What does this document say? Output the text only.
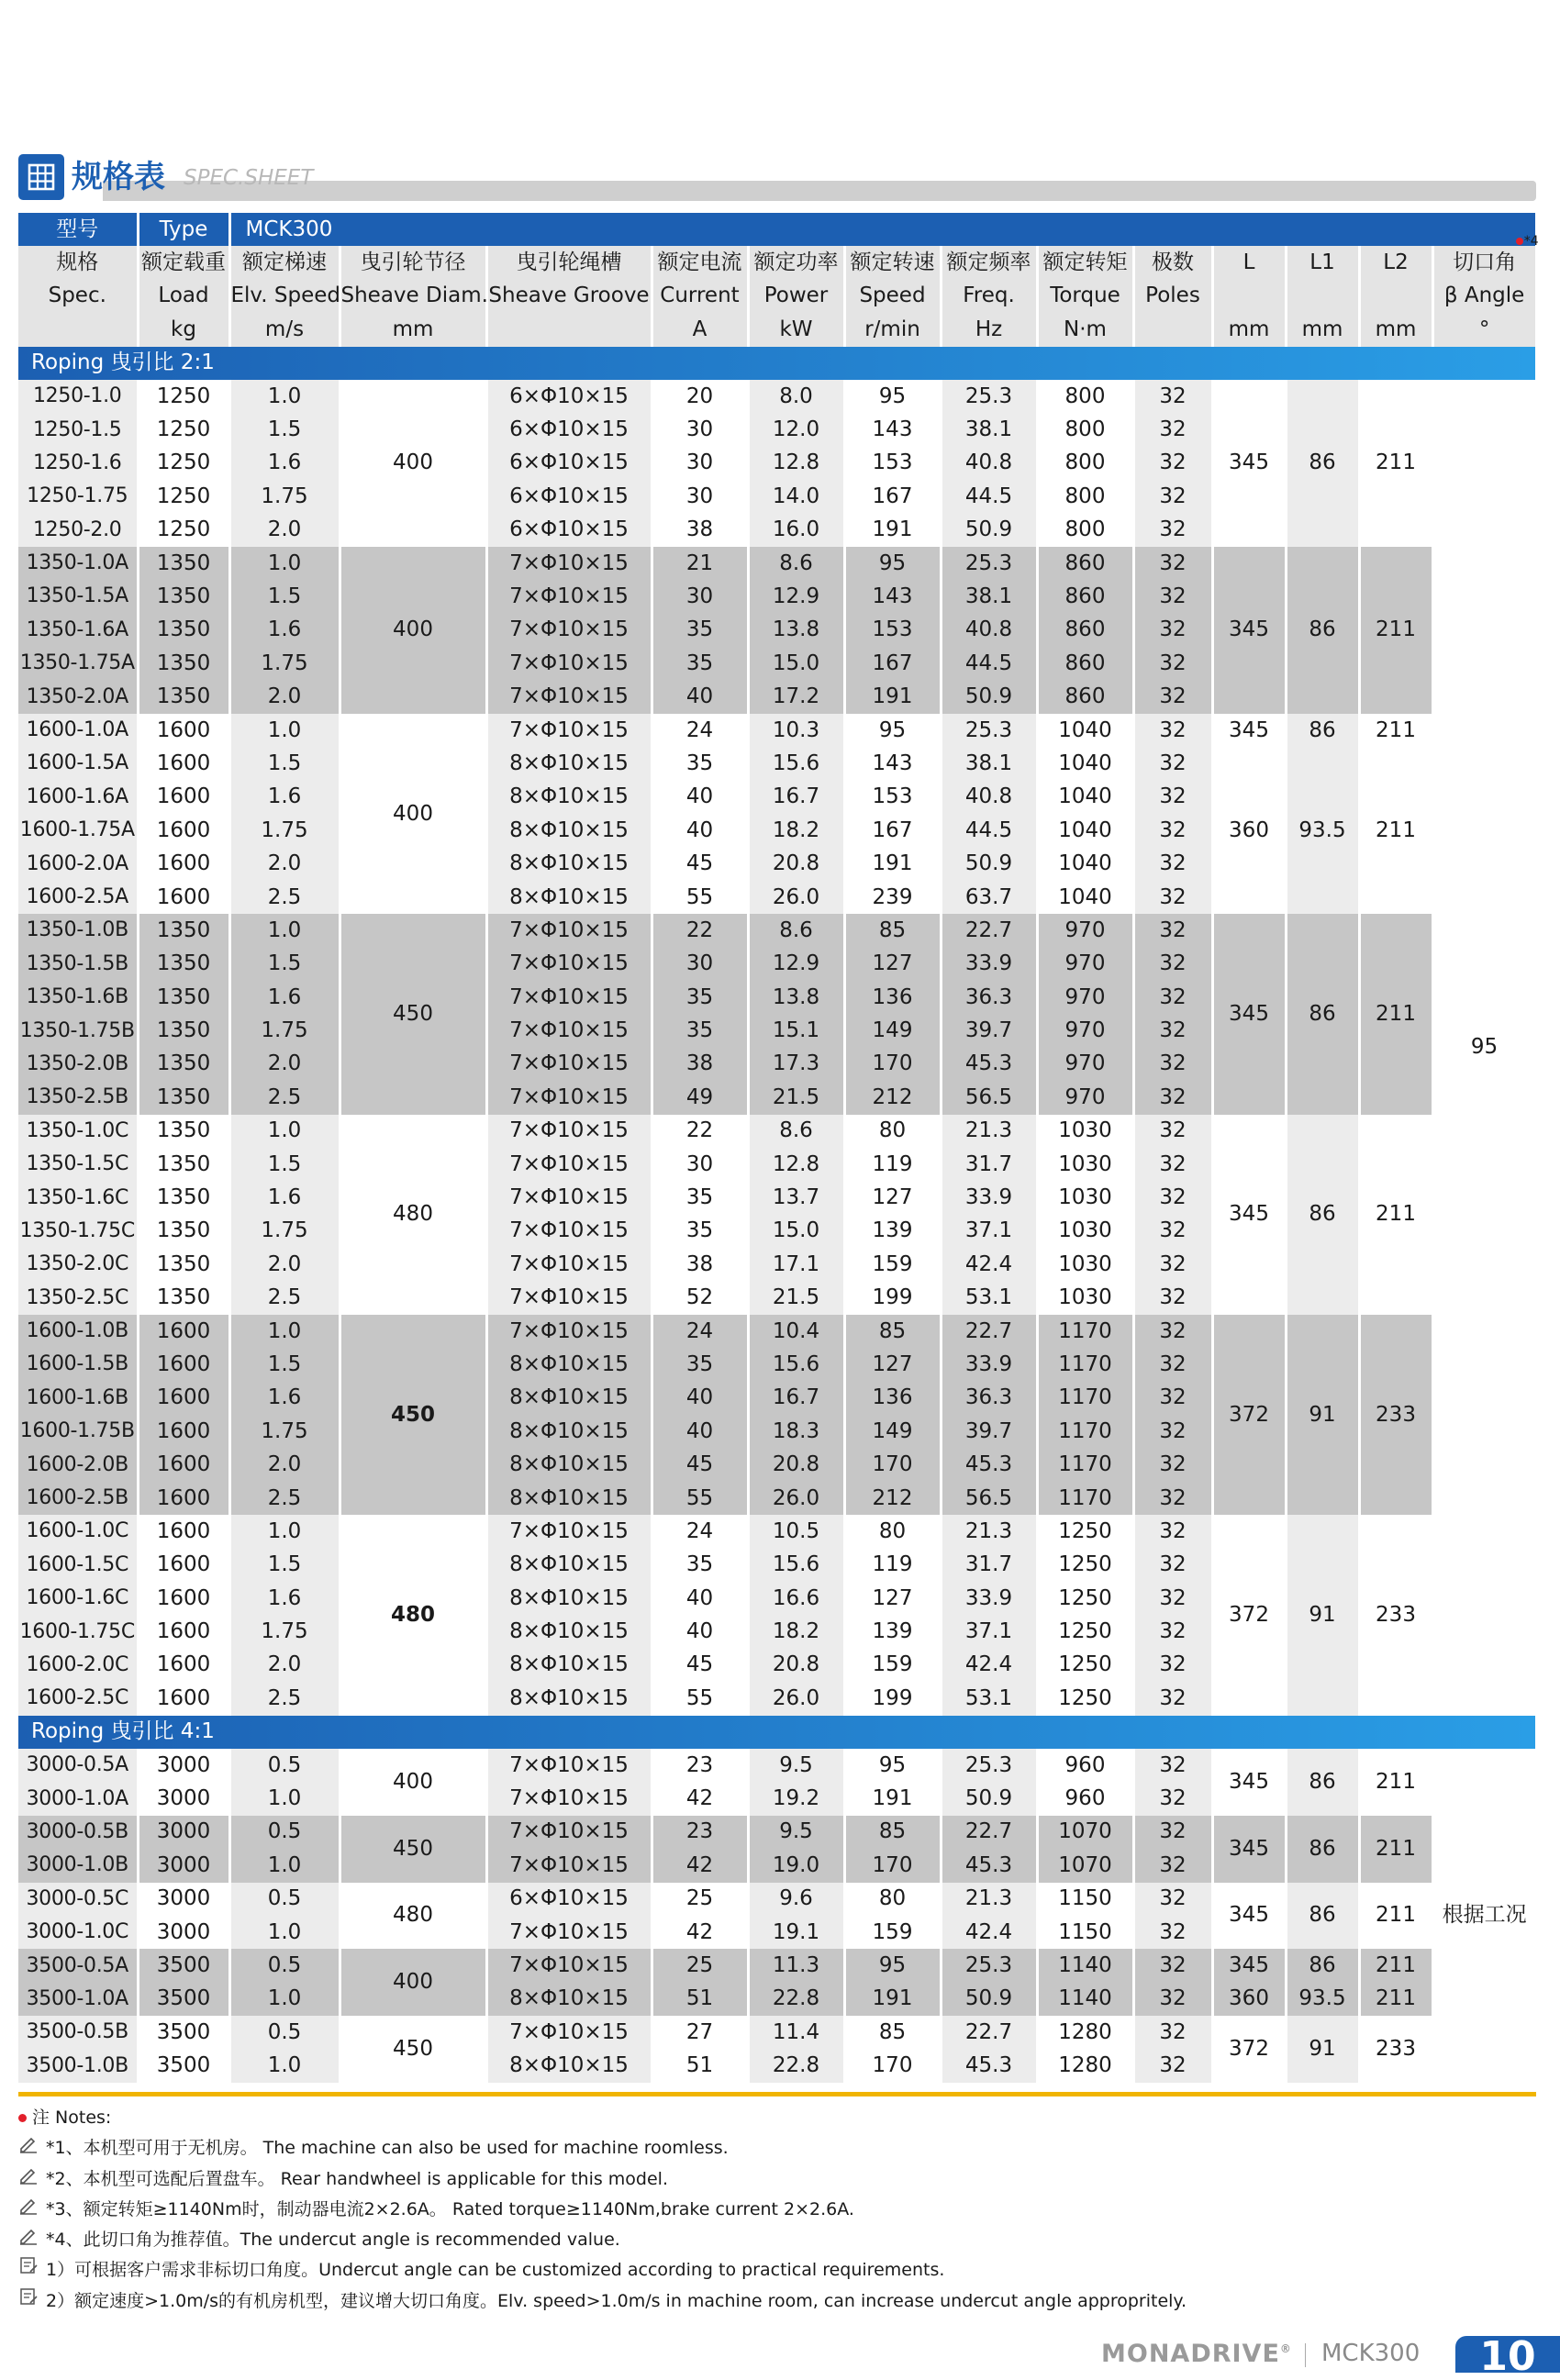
规格表 SPEC.SHEET
型号	Type	MCK300												
规格	额定载重	额定梯速	曳引轮节径	曳引轮绳槽	额定电流	额定功率	额定转速	额定频率	额定转矩	极数	L	L1	L2	切口角
*4

Spec.	Load	Elv. Speed	Sheave Diam.	Sheave Groove	Current	Power	Speed	Freq.	Torque	Poles				β Angle
	kg	m/s	mm		A	kW	r/min	Hz	N·m		mm	mm	mm	°
Roping 曳引比 2:1														
1250-1.0	1250	1.0	400	6×Φ10×15	20	8.0	95	25.3	800	32	345	86	211	95
1250-1.5	1250	1.5		6×Φ10×15	30	12.0	143	38.1	800	32				
1250-1.6	1250	1.6		6×Φ10×15	30	12.8	153	40.8	800	32				
1250-1.75	1250	1.75		6×Φ10×15	30	14.0	167	44.5	800	32				
1250-2.0	1250	2.0		6×Φ10×15	38	16.0	191	50.9	800	32				
1350-1.0A	1350	1.0	400	7×Φ10×15	21	8.6	95	25.3	860	32	345	86	211	
1350-1.5A	1350	1.5		7×Φ10×15	30	12.9	143	38.1	860	32				
1350-1.6A	1350	1.6		7×Φ10×15	35	13.8	153	40.8	860	32				
1350-1.75A	1350	1.75		7×Φ10×15	35	15.0	167	44.5	860	32				
1350-2.0A	1350	2.0		7×Φ10×15	40	17.2	191	50.9	860	32				
1600-1.0A	1600	1.0	400	7×Φ10×15	24	10.3	95	25.3	1040	32	345	86	211	
1600-1.5A	1600	1.5		8×Φ10×15	35	15.6	143	38.1	1040	32	360	93.5	211	
1600-1.6A	1600	1.6		8×Φ10×15	40	16.7	153	40.8	1040	32				
1600-1.75A	1600	1.75		8×Φ10×15	40	18.2	167	44.5	1040	32				
1600-2.0A	1600	2.0		8×Φ10×15	45	20.8	191	50.9	1040	32				
1600-2.5A	1600	2.5		8×Φ10×15	55	26.0	239	63.7	1040	32				
1350-1.0B	1350	1.0	450	7×Φ10×15	22	8.6	85	22.7	970	32	345	86	211	
1350-1.5B	1350	1.5		7×Φ10×15	30	12.9	127	33.9	970	32				
1350-1.6B	1350	1.6		7×Φ10×15	35	13.8	136	36.3	970	32				
1350-1.75B	1350	1.75		7×Φ10×15	35	15.1	149	39.7	970	32				
1350-2.0B	1350	2.0		7×Φ10×15	38	17.3	170	45.3	970	32				
1350-2.5B	1350	2.5		7×Φ10×15	49	21.5	212	56.5	970	32				
1350-1.0C	1350	1.0	480	7×Φ10×15	22	8.6	80	21.3	1030	32	345	86	211	
1350-1.5C	1350	1.5		7×Φ10×15	30	12.8	119	31.7	1030	32				
1350-1.6C	1350	1.6		7×Φ10×15	35	13.7	127	33.9	1030	32				
1350-1.75C	1350	1.75		7×Φ10×15	35	15.0	139	37.1	1030	32				
1350-2.0C	1350	2.0		7×Φ10×15	38	17.1	159	42.4	1030	32				
1350-2.5C	1350	2.5		7×Φ10×15	52	21.5	199	53.1	1030	32				
1600-1.0B	1600	1.0	450	7×Φ10×15	24	10.4	85	22.7	1170	32	372	91	233	
1600-1.5B	1600	1.5		8×Φ10×15	35	15.6	127	33.9	1170	32				
1600-1.6B	1600	1.6		8×Φ10×15	40	16.7	136	36.3	1170	32				
1600-1.75B	1600	1.75		8×Φ10×15	40	18.3	149	39.7	1170	32				
1600-2.0B	1600	2.0		8×Φ10×15	45	20.8	170	45.3	1170	32				
1600-2.5B	1600	2.5		8×Φ10×15	55	26.0	212	56.5	1170	32				
1600-1.0C	1600	1.0	480	7×Φ10×15	24	10.5	80	21.3	1250	32	372	91	233	
1600-1.5C	1600	1.5		8×Φ10×15	35	15.6	119	31.7	1250	32				
1600-1.6C	1600	1.6		8×Φ10×15	40	16.6	127	33.9	1250	32				
1600-1.75C	1600	1.75		8×Φ10×15	40	18.2	139	37.1	1250	32				
1600-2.0C	1600	2.0		8×Φ10×15	45	20.8	159	42.4	1250	32				
1600-2.5C	1600	2.5		8×Φ10×15	55	26.0	199	53.1	1250	32				
Roping 曳引比 4:1														
3000-0.5A	3000	0.5	400	7×Φ10×15	23	9.5	95	25.3	960	32	345	86	211	根据工况
3000-1.0A	3000	1.0		7×Φ10×15	42	19.2	191	50.9	960	32				
3000-0.5B	3000	0.5	450	7×Φ10×15	23	9.5	85	22.7	1070	32	345	86	211	
3000-1.0B	3000	1.0		7×Φ10×15	42	19.0	170	45.3	1070	32				
3000-0.5C	3000	0.5	480	6×Φ10×15	25	9.6	80	21.3	1150	32	345	86	211	
3000-1.0C	3000	1.0		7×Φ10×15	42	19.1	159	42.4	1150	32				
3500-0.5A	3500	0.5	400	7×Φ10×15	25	11.3	95	25.3	1140	32	345	86	211	
3500-1.0A	3500	1.0		8×Φ10×15	51	22.8	191	50.9	1140	32	360	93.5	211	
3500-0.5B	3500	0.5	450	7×Φ10×15	27	11.4	85	22.7	1280	32	372	91	233	
3500-1.0B	3500	1.0		8×Φ10×15	51	22.8	170	45.3	1280	32				
注 Notes:
*1、本机型可用于无机房。 The machine can also be used for machine roomless.
*2、本机型可选配后置盘车。 Rear handwheel is applicable for this model.
*3、额定转矩≥1140Nm时，制动器电流2×2.6A。 Rated torque≥1140Nm,brake current 2×2.6A.
*4、此切口角为推荐值。The undercut angle is recommended value.
1）可根据客户需求非标切口角度。Undercut angle can be customized according to practical requirements.
2）额定速度>1.0m/s的有机房机型，建议增大切口角度。Elv. speed>1.0m/s in machine room, can increase undercut angle appropritely.
MONADRIVE® MCK300	10
